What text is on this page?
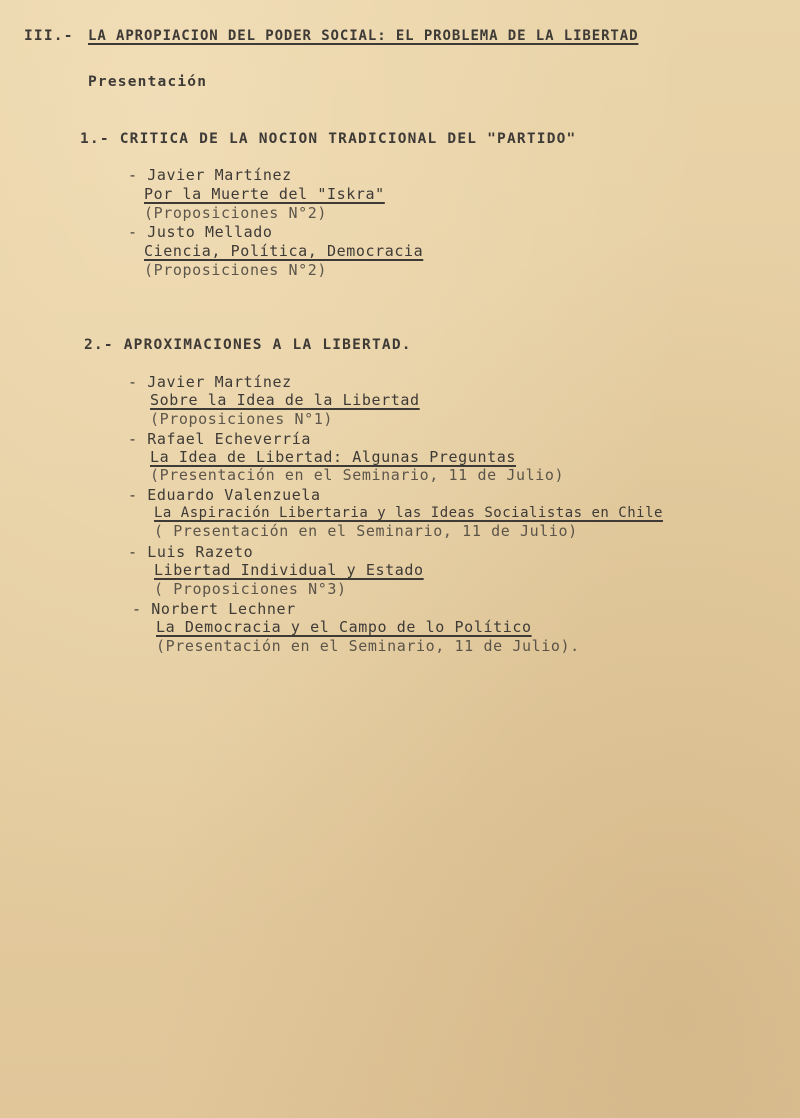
III.- LA APROPIACION DEL PODER SOCIAL: EL PROBLEMA DE LA LIBERTAD
Presentación
1.- CRITICA DE LA NOCION TRADICIONAL DEL "PARTIDO"
- Javier Martínez
Por la Muerte del "Iskra"
(Proposiciones N°2)
- Justo Mellado
Ciencia, Política, Democracia
(Proposiciones N°2)
2.- APROXIMACIONES A LA LIBERTAD.
- Javier Martínez
Sobre la Idea de la Libertad
(Proposiciones N°1)
- Rafael Echeverría
La Idea de Libertad: Algunas Preguntas
(Presentación en el Seminario, 11 de Julio)
- Eduardo Valenzuela
La Aspiración Libertaria y las Ideas Socialistas en Chile
( Presentación en el Seminario, 11 de Julio)
- Luis Razeto
Libertad Individual y Estado
( Proposiciones N°3)
- Norbert Lechner
La Democracia y el Campo de lo Político
(Presentación en el Seminario, 11 de Julio).
